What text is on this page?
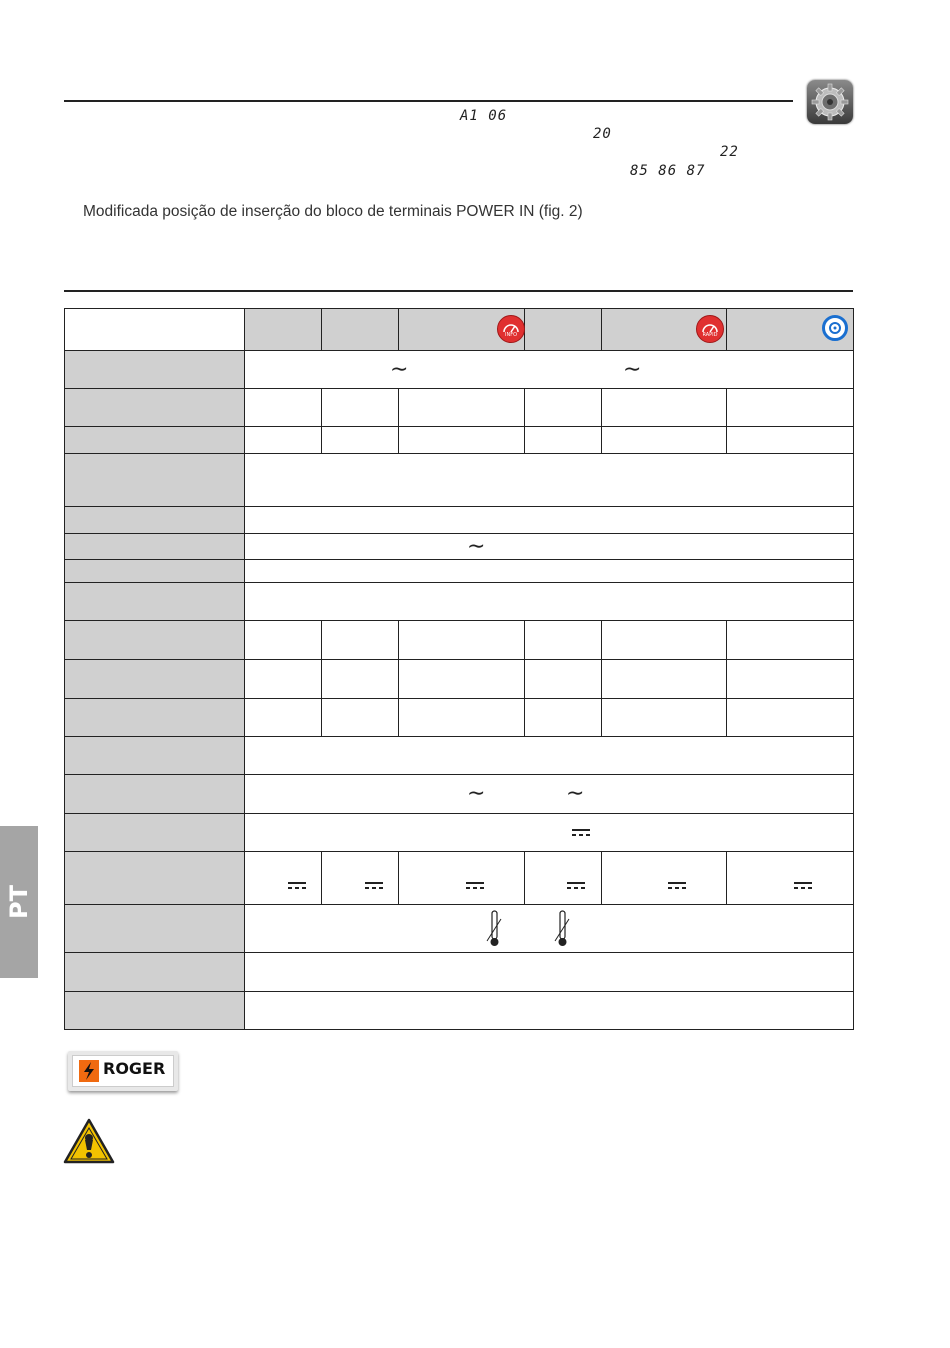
A1 06
20
22
85 86 87
Modificada posição de inserção do bloco de terminais POWER IN (fig. 2)

			INFO		RAPID

	∼ ∼					

	∼					

	∼ ∼					

PT
ROGER
